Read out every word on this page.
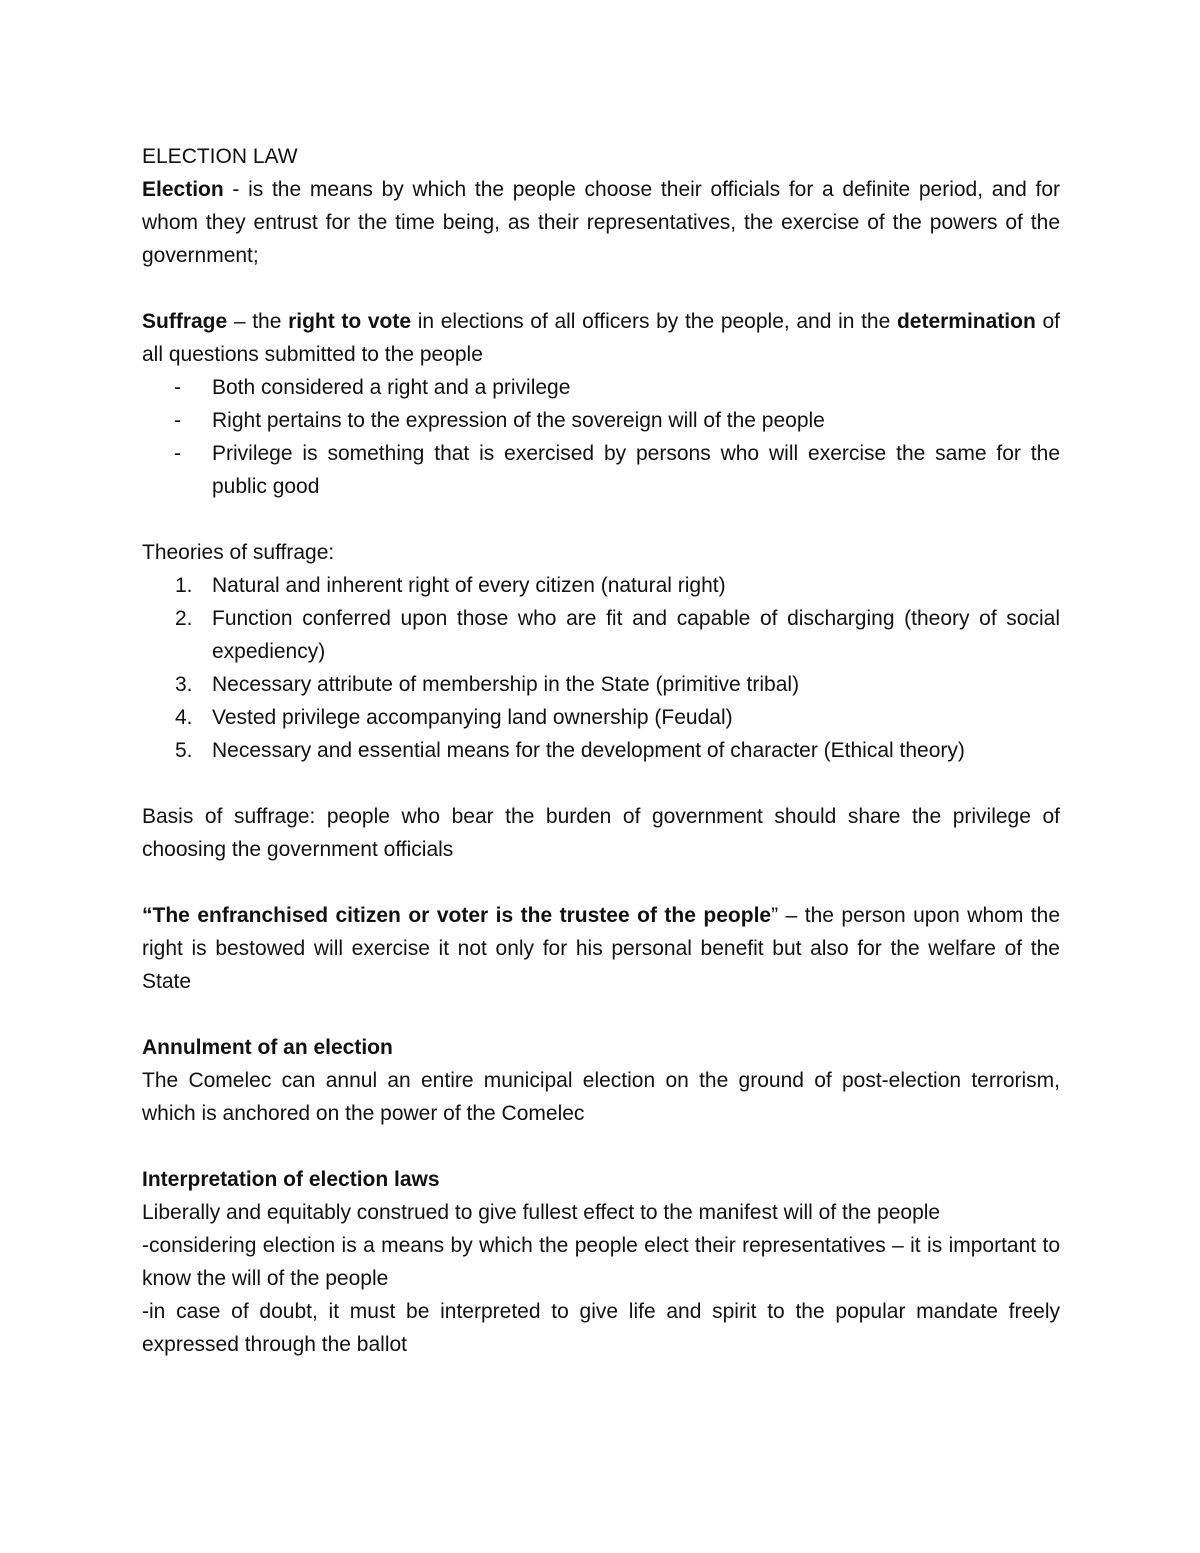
ELECTION LAW

Election - is the means by which the people choose their officials for a definite period, and for whom they entrust for the time being, as their representatives, the exercise of the powers of the government;

Suffrage – the right to vote in elections of all officers by the people, and in the determination of all questions submitted to the people

- Both considered a right and a privilege
- Right pertains to the expression of the sovereign will of the people
- Privilege is something that is exercised by persons who will exercise the same for the public good

Theories of suffrage:

1. Natural and inherent right of every citizen (natural right)
2. Function conferred upon those who are fit and capable of discharging (theory of social expediency)
3. Necessary attribute of membership in the State (primitive tribal)
4. Vested privilege accompanying land ownership (Feudal)
5. Necessary and essential means for the development of character (Ethical theory)

Basis of suffrage: people who bear the burden of government should share the privilege of choosing the government officials

“The enfranchised citizen or voter is the trustee of the people” – the person upon whom the right is bestowed will exercise it not only for his personal benefit but also for the welfare of the State

Annulment of an election

The Comelec can annul an entire municipal election on the ground of post-election terrorism, which is anchored on the power of the Comelec

Interpretation of election laws

Liberally and equitably construed to give fullest effect to the manifest will of the people

-considering election is a means by which the people elect their representatives – it is important to know the will of the people

-in case of doubt, it must be interpreted to give life and spirit to the popular mandate freely expressed through the ballot
